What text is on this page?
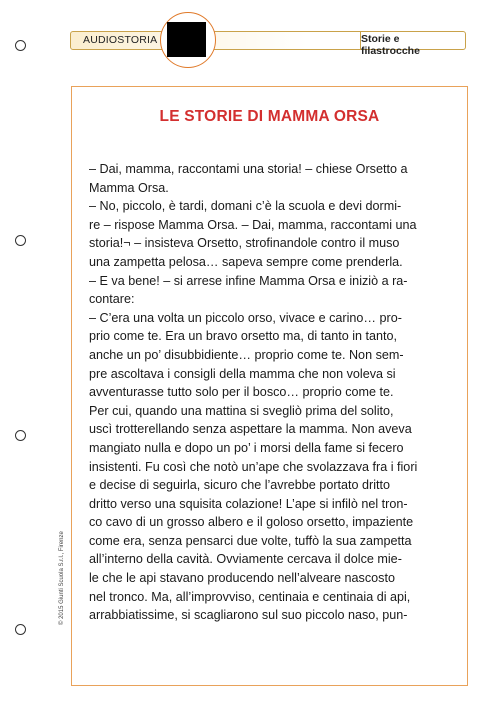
AUDIOSTORIA	Storie e filastrocche
LE STORIE DI MAMMA ORSA
– Dai, mamma, raccontami una storia! – chiese Orsetto a
Mamma Orsa.
– No, piccolo, è tardi, domani c’è la scuola e devi dormi-
re – rispose Mamma Orsa. – Dai, mamma, raccontami una
storia!¬ – insisteva Orsetto, strofinandole contro il muso
una zampetta pelosa… sapeva sempre come prenderla.
– E va bene! – si arrese infine Mamma Orsa e iniziò a ra-
contare:
– C’era una volta un piccolo orso, vivace e carino… pro-
prio come te. Era un bravo orsetto ma, di tanto in tanto,
anche un po’ disubbidiente… proprio come te. Non sem-
pre ascoltava i consigli della mamma che non voleva si
avventurasse tutto solo per il bosco… proprio come te.
Per cui, quando una mattina si svegliò prima del solito,
uscì trotterellando senza aspettare la mamma. Non aveva
mangiato nulla e dopo un po’ i morsi della fame si fecero
insistenti. Fu così che notò un’ape che svolazzava fra i fiori
e decise di seguirla, sicuro che l’avrebbe portato dritto
dritto verso una squisita colazione! L’ape si infilò nel tron-
co cavo di un grosso albero e il goloso orsetto, impaziente
come era, senza pensarci due volte, tuffò la sua zampetta
all’interno della cavità. Ovviamente cercava il dolce mie-
le che le api stavano producendo nell’alveare nascosto
nel tronco. Ma, all’improvviso, centinaia e centinaia di api,
arrabbiatissime, si scagliarono sul suo piccolo naso, pun-
© 2015 Giunti Scuola S.r.l., Firenze
